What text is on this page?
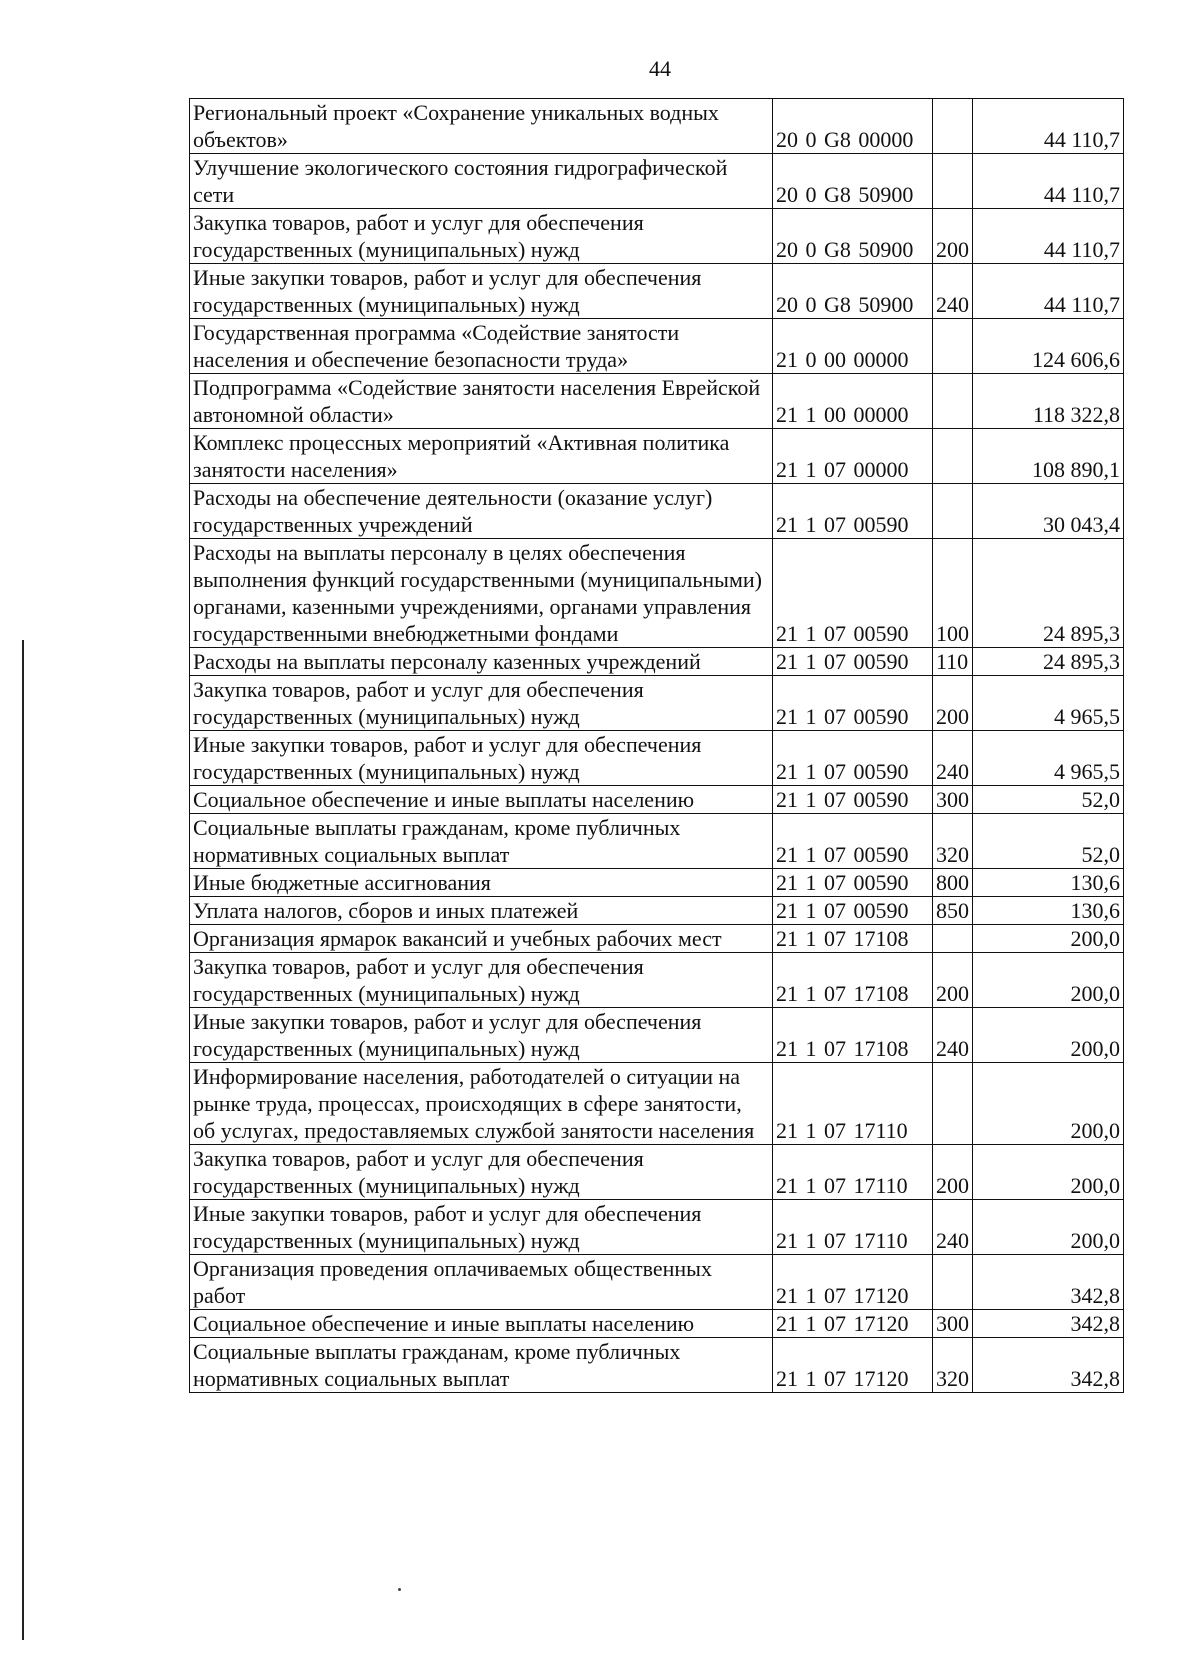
44
Региональный проект «Сохранение уникальных водных объектов»	20 0 G8 00000		44 110,7
Улучшение экологического состояния гидрографической сети	20 0 G8 50900		44 110,7
Закупка товаров, работ и услуг для обеспечения государственных (муниципальных) нужд	20 0 G8 50900	200	44 110,7
Иные закупки товаров, работ и услуг для обеспечения государственных (муниципальных) нужд	20 0 G8 50900	240	44 110,7
Государственная программа «Содействие занятости населения и обеспечение безопасности труда»	21 0 00 00000		124 606,6
Подпрограмма «Содействие занятости населения Еврейской автономной области»	21 1 00 00000		118 322,8
Комплекс процессных мероприятий «Активная политика занятости населения»	21 1 07 00000		108 890,1
Расходы на обеспечение деятельности (оказание услуг) государственных учреждений	21 1 07 00590		30 043,4
Расходы на выплаты персоналу в целях обеспечения выполнения функций государственными (муниципальными) органами, казенными учреждениями, органами управления государственными внебюджетными фондами	21 1 07 00590	100	24 895,3
Расходы на выплаты персоналу казенных учреждений	21 1 07 00590	110	24 895,3
Закупка товаров, работ и услуг для обеспечения государственных (муниципальных) нужд	21 1 07 00590	200	4 965,5
Иные закупки товаров, работ и услуг для обеспечения государственных (муниципальных) нужд	21 1 07 00590	240	4 965,5
Социальное обеспечение и иные выплаты населению	21 1 07 00590	300	52,0
Социальные выплаты гражданам, кроме публичных нормативных социальных выплат	21 1 07 00590	320	52,0
Иные бюджетные ассигнования	21 1 07 00590	800	130,6
Уплата налогов, сборов и иных платежей	21 1 07 00590	850	130,6
Организация ярмарок вакансий и учебных рабочих мест	21 1 07 17108		200,0
Закупка товаров, работ и услуг для обеспечения государственных (муниципальных) нужд	21 1 07 17108	200	200,0
Иные закупки товаров, работ и услуг для обеспечения государственных (муниципальных) нужд	21 1 07 17108	240	200,0
Информирование населения, работодателей о ситуации на рынке труда, процессах, происходящих в сфере занятости, об услугах, предоставляемых службой занятости населения	21 1 07 17110		200,0
Закупка товаров, работ и услуг для обеспечения государственных (муниципальных) нужд	21 1 07 17110	200	200,0
Иные закупки товаров, работ и услуг для обеспечения государственных (муниципальных) нужд	21 1 07 17110	240	200,0
Организация проведения оплачиваемых общественных работ	21 1 07 17120		342,8
Социальное обеспечение и иные выплаты населению	21 1 07 17120	300	342,8
Социальные выплаты гражданам, кроме публичных нормативных социальных выплат	21 1 07 17120	320	342,8
